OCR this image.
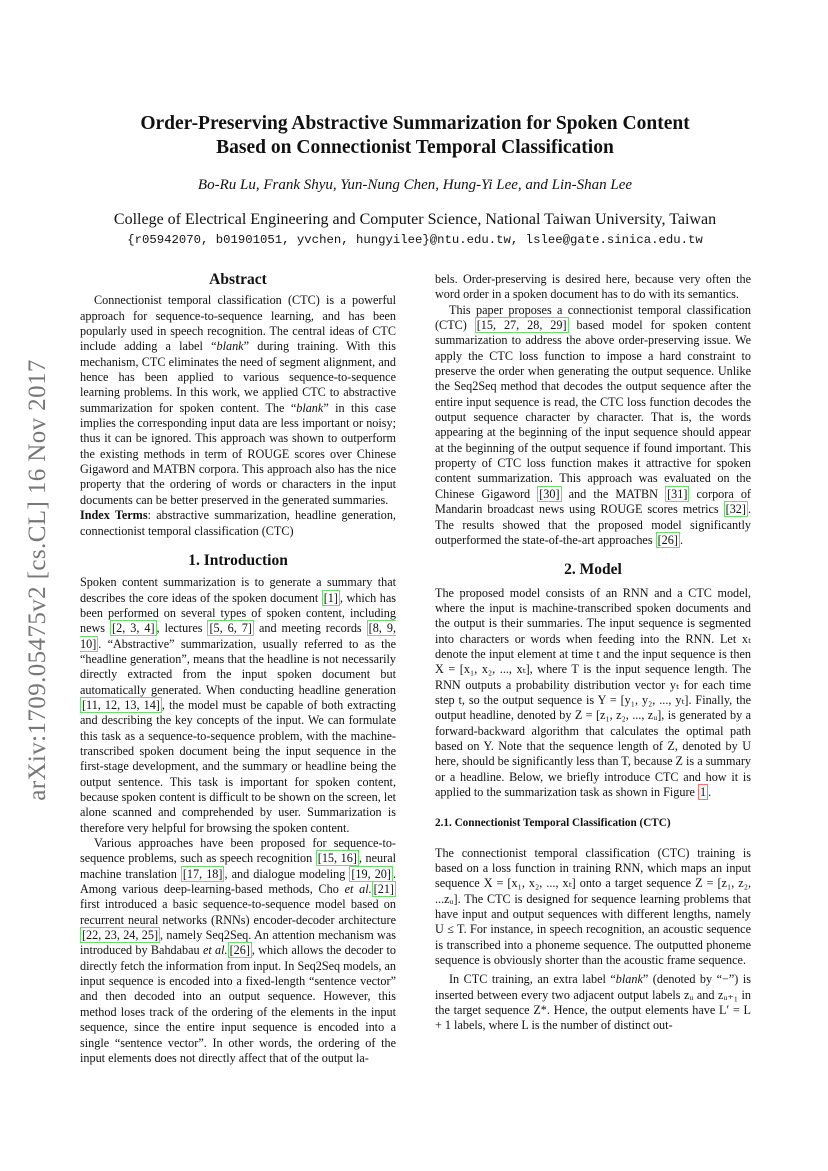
arXiv:1709.05475v2 [cs.CL] 16 Nov 2017
Order-Preserving Abstractive Summarization for Spoken Content
Based on Connectionist Temporal Classification
Bo-Ru Lu, Frank Shyu, Yun-Nung Chen, Hung-Yi Lee, and Lin-Shan Lee
College of Electrical Engineering and Computer Science, National Taiwan University, Taiwan
{r05942070, b01901051, yvchen, hungyilee}@ntu.edu.tw, lslee@gate.sinica.edu.tw
Abstract

Connectionist temporal classification (CTC) is a powerful approach for sequence-to-sequence learning, and has been popularly used in speech recognition. The central ideas of CTC include adding a label “blank” during training. With this mechanism, CTC eliminates the need of segment alignment, and hence has been applied to various sequence-to-sequence learning problems. In this work, we applied CTC to abstractive summarization for spoken content. The “blank” in this case implies the corresponding input data are less important or noisy; thus it can be ignored. This approach was shown to outperform the existing methods in term of ROUGE scores over Chinese Gigaword and MATBN corpora. This approach also has the nice property that the ordering of words or characters in the input documents can be better preserved in the generated summaries.

Index Terms: abstractive summarization, headline generation, connectionist temporal classification (CTC)

1. Introduction

Spoken content summarization is to generate a summary that describes the core ideas of the spoken document [1] , which has been performed on several types of spoken content, including news [2, 3, 4] , lectures [5, 6, 7] and meeting records [8, 9, 10] . “Abstractive” summarization, usually referred to as the “headline generation”, means that the headline is not necessarily directly extracted from the input spoken document but automatically generated. When conducting headline generation [11, 12, 13, 14] , the model must be capable of both extracting and describing the key concepts of the input. We can formulate this task as a sequence-to-sequence problem, with the machine-transcribed spoken document being the input sequence in the first-stage development, and the summary or headline being the output sentence. This task is important for spoken content, because spoken content is difficult to be shown on the screen, let alone scanned and comprehended by user. Summarization is therefore very helpful for browsing the spoken content.

Various approaches have been proposed for sequence-to-sequence problems, such as speech recognition [15, 16] , neural machine translation [17, 18] , and dialogue modeling [19, 20] . Among various deep-learning-based methods, Cho et al. [21] first introduced a basic sequence-to-sequence model based on recurrent neural networks (RNNs) encoder-decoder architecture [22, 23, 24, 25] , namely Seq2Seq. An attention mechanism was introduced by Bahdabau et al. [26] , which allows the decoder to directly fetch the information from input. In Seq2Seq models, an input sequence is encoded into a fixed-length “sentence vector” and then decoded into an output sequence. However, this method loses track of the ordering of the elements in the input sequence, since the entire input sequence is encoded into a single “sentence vector”. In other words, the ordering of the input elements does not directly affect that of the output la-

bels. Order-preserving is desired here, because very often the word order in a spoken document has to do with its semantics.

This paper proposes a connectionist temporal classification (CTC) [15, 27, 28, 29] based model for spoken content summarization to address the above order-preserving issue. We apply the CTC loss function to impose a hard constraint to preserve the order when generating the output sequence. Unlike the Seq2Seq method that decodes the output sequence after the entire input sequence is read, the CTC loss function decodes the output sequence character by character. That is, the words appearing at the beginning of the input sequence should appear at the beginning of the output sequence if found important. This property of CTC loss function makes it attractive for spoken content summarization. This approach was evaluated on the Chinese Gigaword [30] and the MATBN [31] corpora of Mandarin broadcast news using ROUGE scores metrics [32] . The results showed that the proposed model significantly outperformed the state-of-the-art approaches [26] .

2. Model

The proposed model consists of an RNN and a CTC model, where the input is machine-transcribed spoken documents and the output is their summaries. The input sequence is segmented into characters or words when feeding into the RNN. Let xₜ denote the input element at time t and the input sequence is then X = [x₁, x₂, ..., xₜ], where T is the input sequence length. The RNN outputs a probability distribution vector yₜ for each time step t, so the output sequence is Y = [y₁, y₂, ..., yₜ]. Finally, the output headline, denoted by Z = [z₁, z₂, ..., zᵤ], is generated by a forward-backward algorithm that calculates the optimal path based on Y. Note that the sequence length of Z, denoted by U here, should be significantly less than T, because Z is a summary or a headline. Below, we briefly introduce CTC and how it is applied to the summarization task as shown in Figure 1 .

2.1. Connectionist Temporal Classification (CTC)

The connectionist temporal classification (CTC) training is based on a loss function in training RNN, which maps an input sequence X = [x₁, x₂, ..., xₜ] onto a target sequence Z = [z₁, z₂, ...zᵤ]. The CTC is designed for sequence learning problems that have input and output sequences with different lengths, namely U ≤ T. For instance, in speech recognition, an acoustic sequence is transcribed into a phoneme sequence. The outputted phoneme sequence is obviously shorter than the acoustic frame sequence.

In CTC training, an extra label “blank” (denoted by “−”) is inserted between every two adjacent output labels zᵤ and zᵤ₊₁ in the target sequence Z*. Hence, the output elements have L′ = L + 1 labels, where L is the number of distinct out-
